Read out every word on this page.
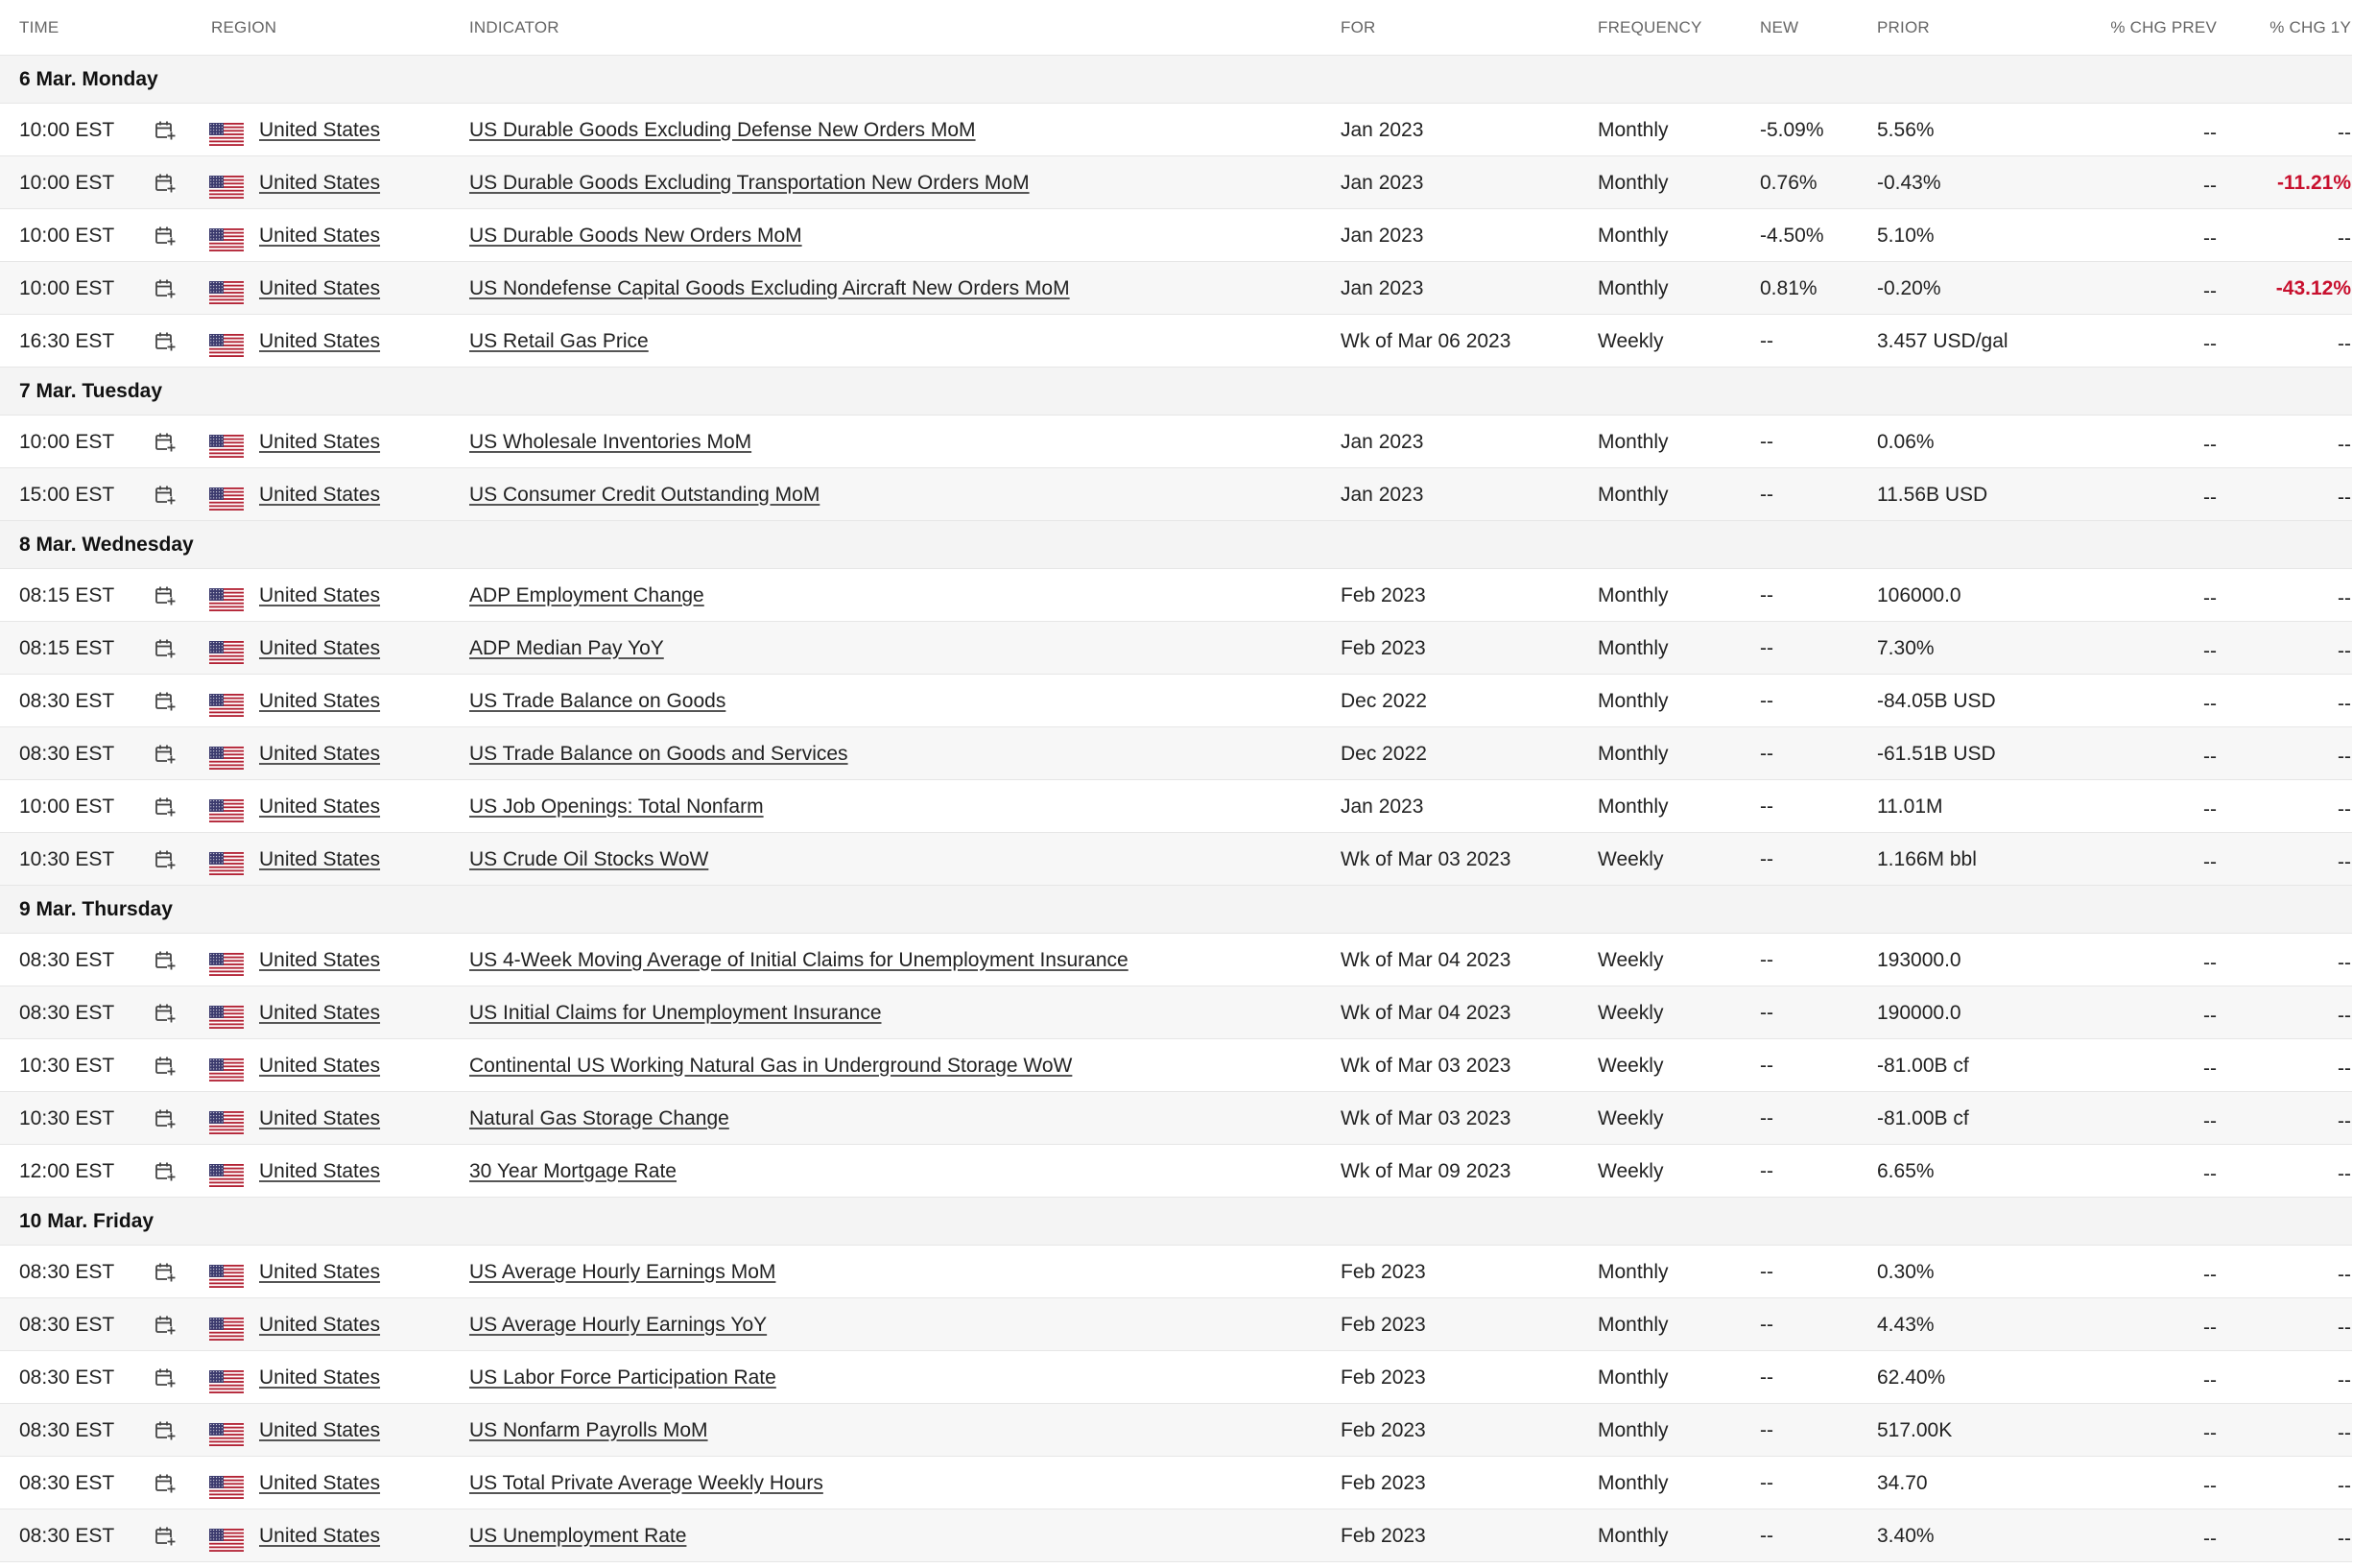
TIME	REGION	INDICATOR	FOR	FREQUENCY	NEW	PRIOR	% CHG PREV	% CHG 1Y
6 Mar. Monday
10:00 EST	United States	US Durable Goods Excluding Defense New Orders MoM	Jan 2023	Monthly	-5.09%	5.56%	--	--
10:00 EST	United States	US Durable Goods Excluding Transportation New Orders MoM	Jan 2023	Monthly	0.76%	-0.43%	--	-11.21%
10:00 EST	United States	US Durable Goods New Orders MoM	Jan 2023	Monthly	-4.50%	5.10%	--	--
10:00 EST	United States	US Nondefense Capital Goods Excluding Aircraft New Orders MoM	Jan 2023	Monthly	0.81%	-0.20%	--	-43.12%
16:30 EST	United States	US Retail Gas Price	Wk of Mar 06 2023	Weekly	--	3.457 USD/gal	--	--
7 Mar. Tuesday
10:00 EST	United States	US Wholesale Inventories MoM	Jan 2023	Monthly	--	0.06%	--	--
15:00 EST	United States	US Consumer Credit Outstanding MoM	Jan 2023	Monthly	--	11.56B USD	--	--
8 Mar. Wednesday
08:15 EST	United States	ADP Employment Change	Feb 2023	Monthly	--	106000.0	--	--
08:15 EST	United States	ADP Median Pay YoY	Feb 2023	Monthly	--	7.30%	--	--
08:30 EST	United States	US Trade Balance on Goods	Dec 2022	Monthly	--	-84.05B USD	--	--
08:30 EST	United States	US Trade Balance on Goods and Services	Dec 2022	Monthly	--	-61.51B USD	--	--
10:00 EST	United States	US Job Openings: Total Nonfarm	Jan 2023	Monthly	--	11.01M	--	--
10:30 EST	United States	US Crude Oil Stocks WoW	Wk of Mar 03 2023	Weekly	--	1.166M bbl	--	--
9 Mar. Thursday
08:30 EST	United States	US 4-Week Moving Average of Initial Claims for Unemployment Insurance	Wk of Mar 04 2023	Weekly	--	193000.0	--	--
08:30 EST	United States	US Initial Claims for Unemployment Insurance	Wk of Mar 04 2023	Weekly	--	190000.0	--	--
10:30 EST	United States	Continental US Working Natural Gas in Underground Storage WoW	Wk of Mar 03 2023	Weekly	--	-81.00B cf	--	--
10:30 EST	United States	Natural Gas Storage Change	Wk of Mar 03 2023	Weekly	--	-81.00B cf	--	--
12:00 EST	United States	30 Year Mortgage Rate	Wk of Mar 09 2023	Weekly	--	6.65%	--	--
10 Mar. Friday
08:30 EST	United States	US Average Hourly Earnings MoM	Feb 2023	Monthly	--	0.30%	--	--
08:30 EST	United States	US Average Hourly Earnings YoY	Feb 2023	Monthly	--	4.43%	--	--
08:30 EST	United States	US Labor Force Participation Rate	Feb 2023	Monthly	--	62.40%	--	--
08:30 EST	United States	US Nonfarm Payrolls MoM	Feb 2023	Monthly	--	517.00K	--	--
08:30 EST	United States	US Total Private Average Weekly Hours	Feb 2023	Monthly	--	34.70	--	--
08:30 EST	United States	US Unemployment Rate	Feb 2023	Monthly	--	3.40%	--	--
